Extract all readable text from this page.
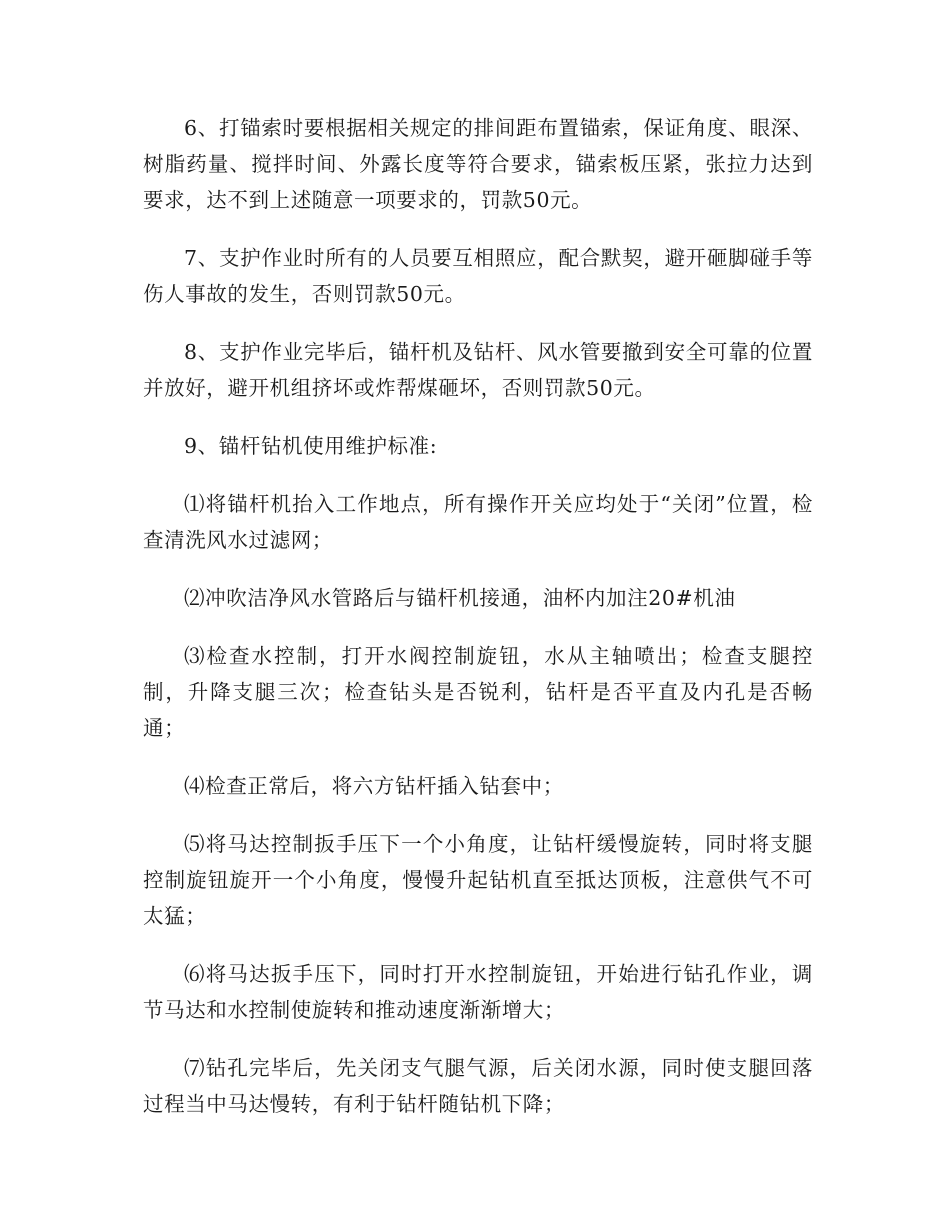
6、打锚索时要根据相关规定的排间距布置锚索，保证角度、眼深、树脂药量、搅拌时间、外露长度等符合要求，锚索板压紧，张拉力达到要求，达不到上述随意一项要求的，罚款50元。

7、支护作业时所有的人员要互相照应，配合默契，避开砸脚碰手等伤人事故的发生，否则罚款50元。

8、支护作业完毕后，锚杆机及钻杆、风水管要撤到安全可靠的位置并放好，避开机组挤坏或炸帮煤砸坏，否则罚款50元。

9、锚杆钻机使用维护标准:

⑴将锚杆机抬入工作地点，所有操作开关应均处于“关闭”位置，检查清洗风水过滤网；

⑵冲吹洁净风水管路后与锚杆机接通，油杯内加注20#机油

⑶检查水控制，打开水阀控制旋钮，水从主轴喷出；检查支腿控制，升降支腿三次；检查钻头是否锐利，钻杆是否平直及内孔是否畅通；

⑷检查正常后，将六方钻杆插入钻套中；

⑸将马达控制扳手压下一个小角度，让钻杆缓慢旋转，同时将支腿控制旋钮旋开一个小角度，慢慢升起钻机直至抵达顶板，注意供气不可太猛；

⑹将马达扳手压下，同时打开水控制旋钮，开始进行钻孔作业，调节马达和水控制使旋转和推动速度渐渐增大；

⑺钻孔完毕后，先关闭支气腿气源，后关闭水源，同时使支腿回落过程当中马达慢转，有利于钻杆随钻机下降；
